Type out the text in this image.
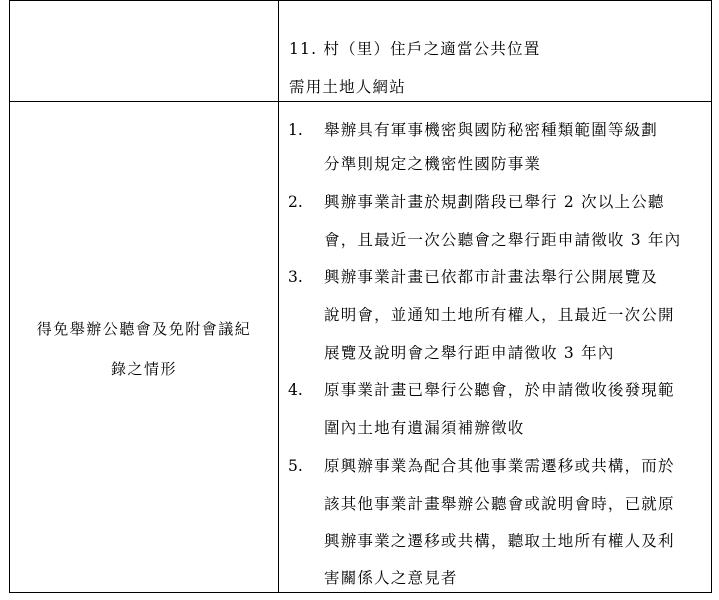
11. 村（里）住戶之適當公共位置
需用土地人網站
得免舉辦公聽會及免附會議紀
錄之情形
1. 舉辦具有軍事機密與國防秘密種類範圍等級劃
分準則規定之機密性國防事業
2. 興辦事業計畫於規劃階段已舉行 2 次以上公聽
會，且最近一次公聽會之舉行距申請徵收 3 年內
3. 興辦事業計畫已依都市計畫法舉行公開展覽及
說明會，並通知土地所有權人，且最近一次公開
展覽及說明會之舉行距申請徵收 3 年內
4. 原事業計畫已舉行公聽會，於申請徵收後發現範
圍內土地有遺漏須補辦徵收
5. 原興辦事業為配合其他事業需遷移或共構，而於
該其他事業計畫舉辦公聽會或說明會時，已就原
興辦事業之遷移或共構，聽取土地所有權人及利
害關係人之意見者
